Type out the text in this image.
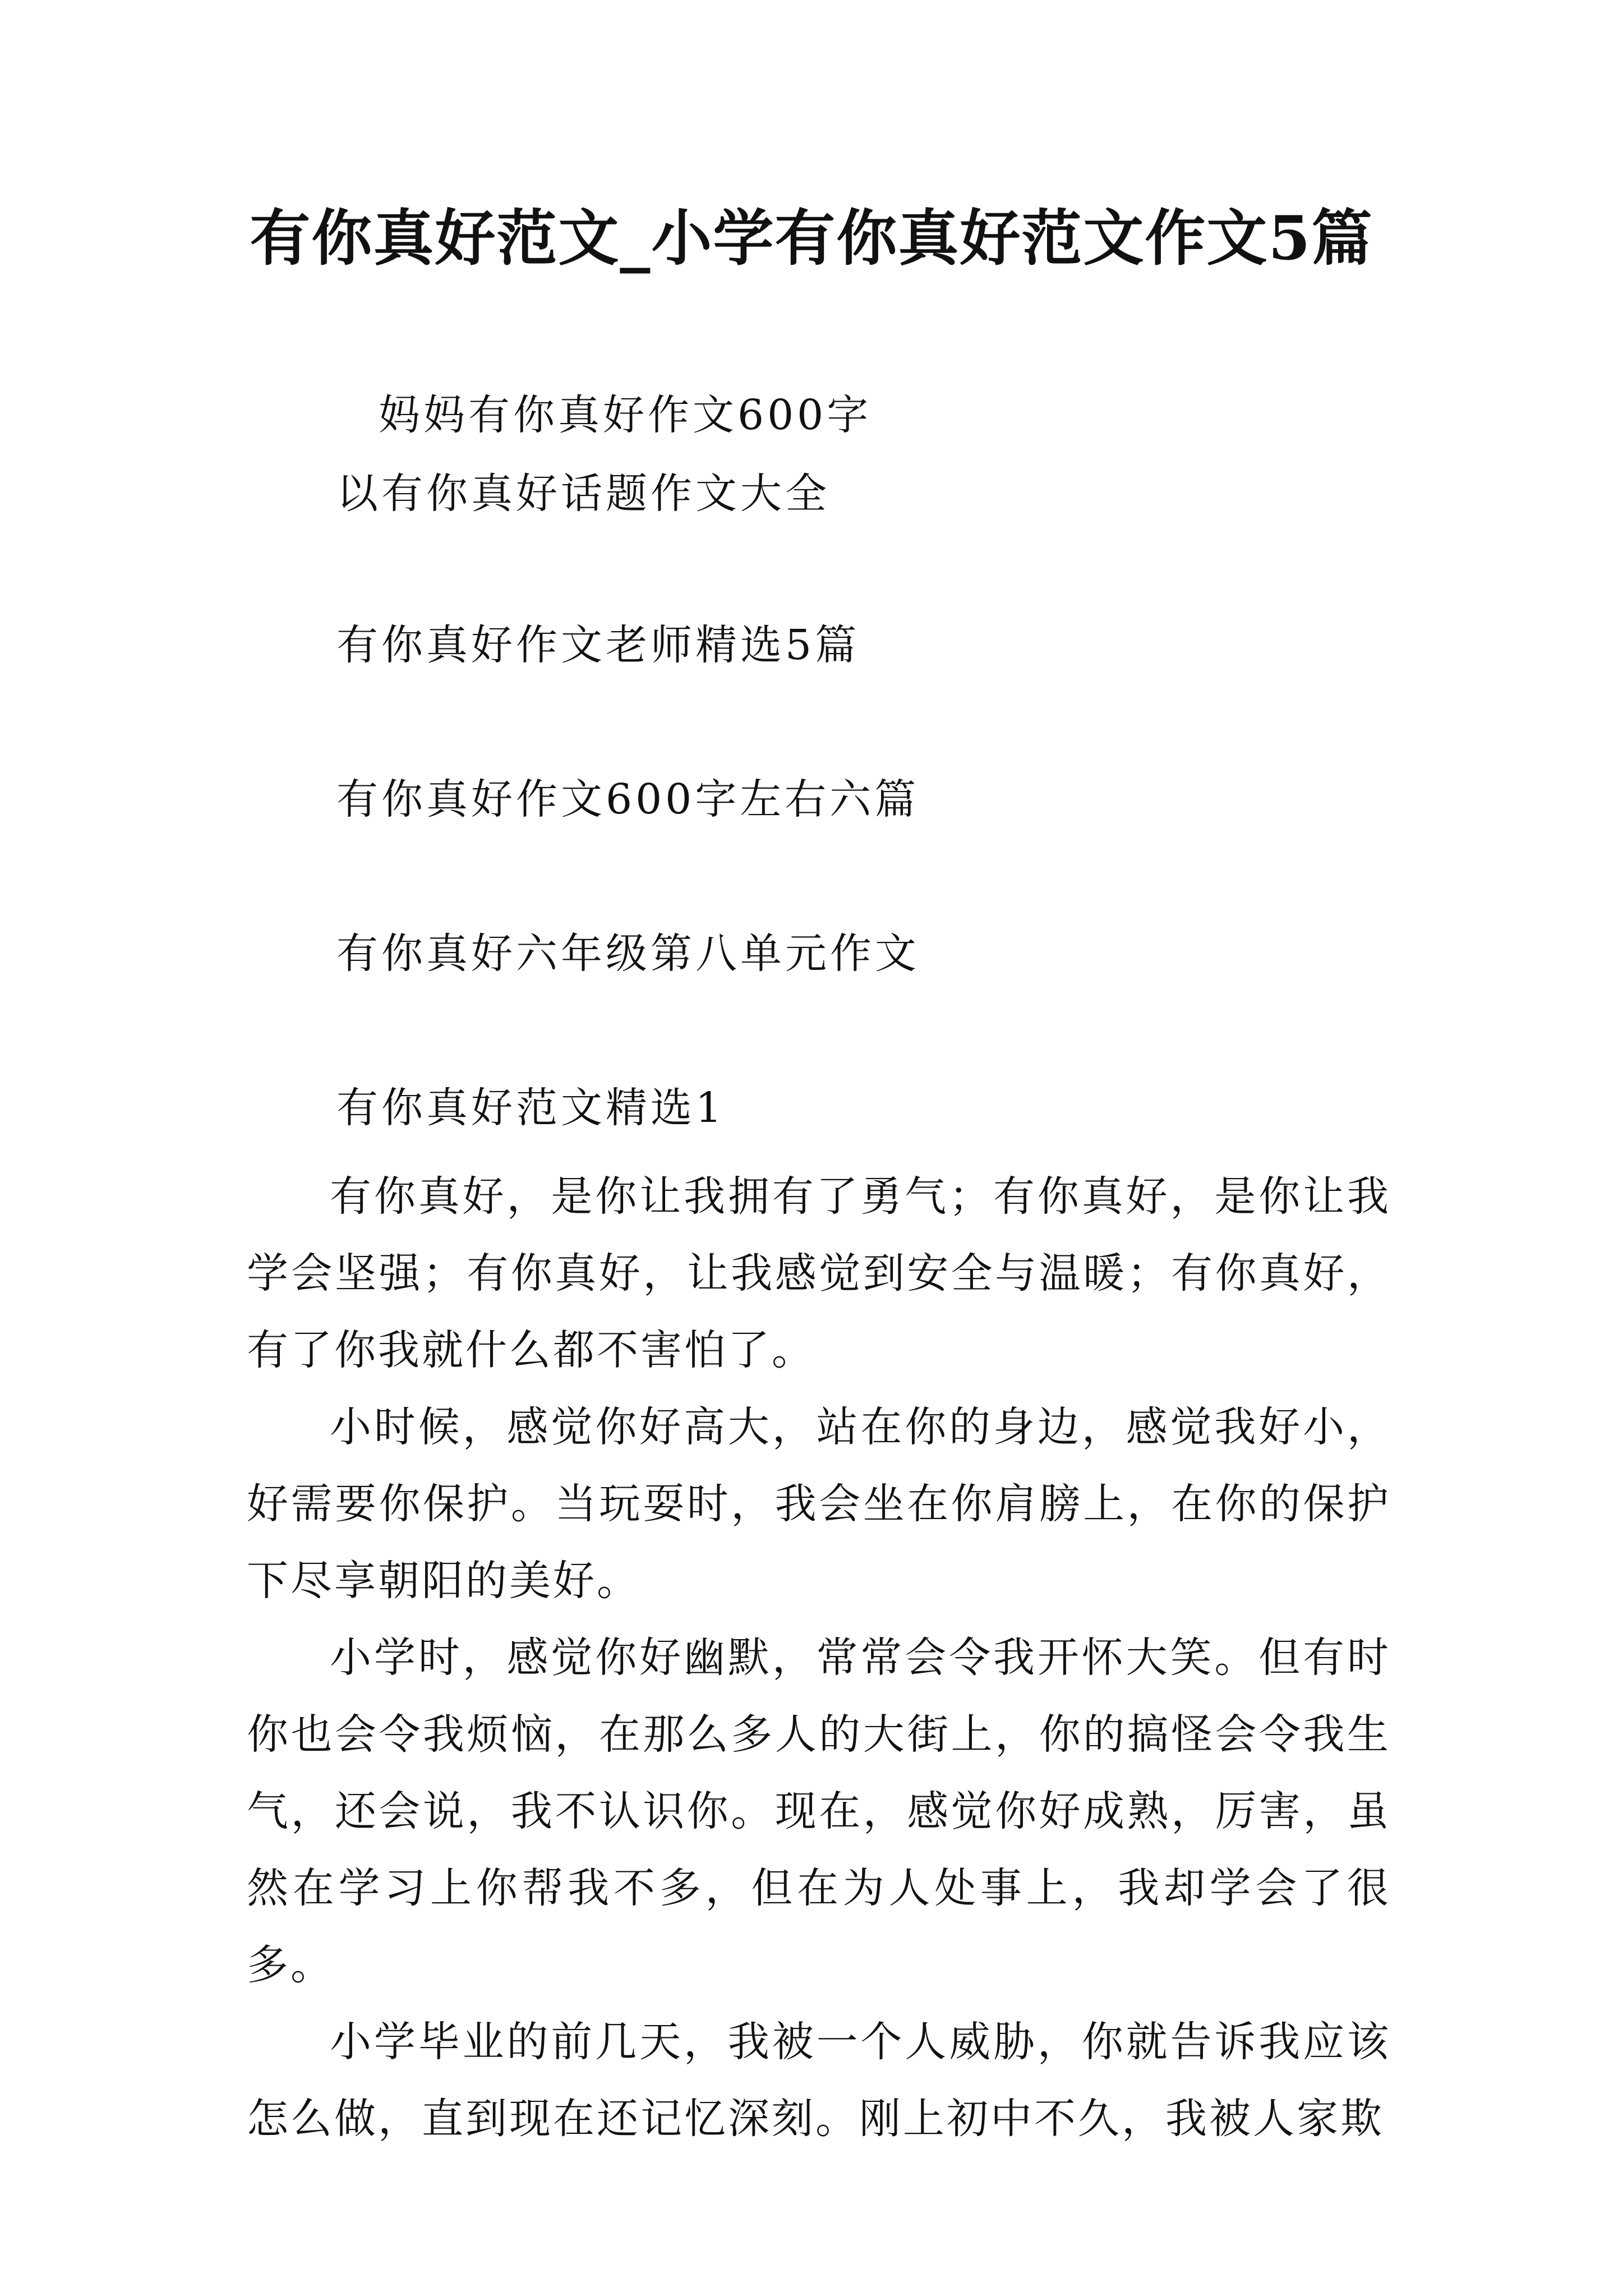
有你真好范文_小学有你真好范文作文5篇
妈妈有你真好作文600字
以有你真好话题作文大全
有你真好作文老师精选5篇
有你真好作文600字左右六篇
有你真好六年级第八单元作文
有你真好范文精选1

有你真好，是你让我拥有了勇气；有你真好，是你让我学会坚强；有你真好，让我感觉到安全与温暖；有你真好，有了你我就什么都不害怕了。

小时候，感觉你好高大，站在你的身边，感觉我好小，好需要你保护。当玩耍时，我会坐在你肩膀上，在你的保护下尽享朝阳的美好。

小学时，感觉你好幽默，常常会令我开怀大笑。但有时你也会令我烦恼，在那么多人的大街上，你的搞怪会令我生气，还会说，我不认识你。现在，感觉你好成熟，厉害，虽然在学习上你帮我不多，但在为人处事上，我却学会了很多。

小学毕业的前几天，我被一个人威胁，你就告诉我应该怎么做，直到现在还记忆深刻。刚上初中不久，我被人家欺
